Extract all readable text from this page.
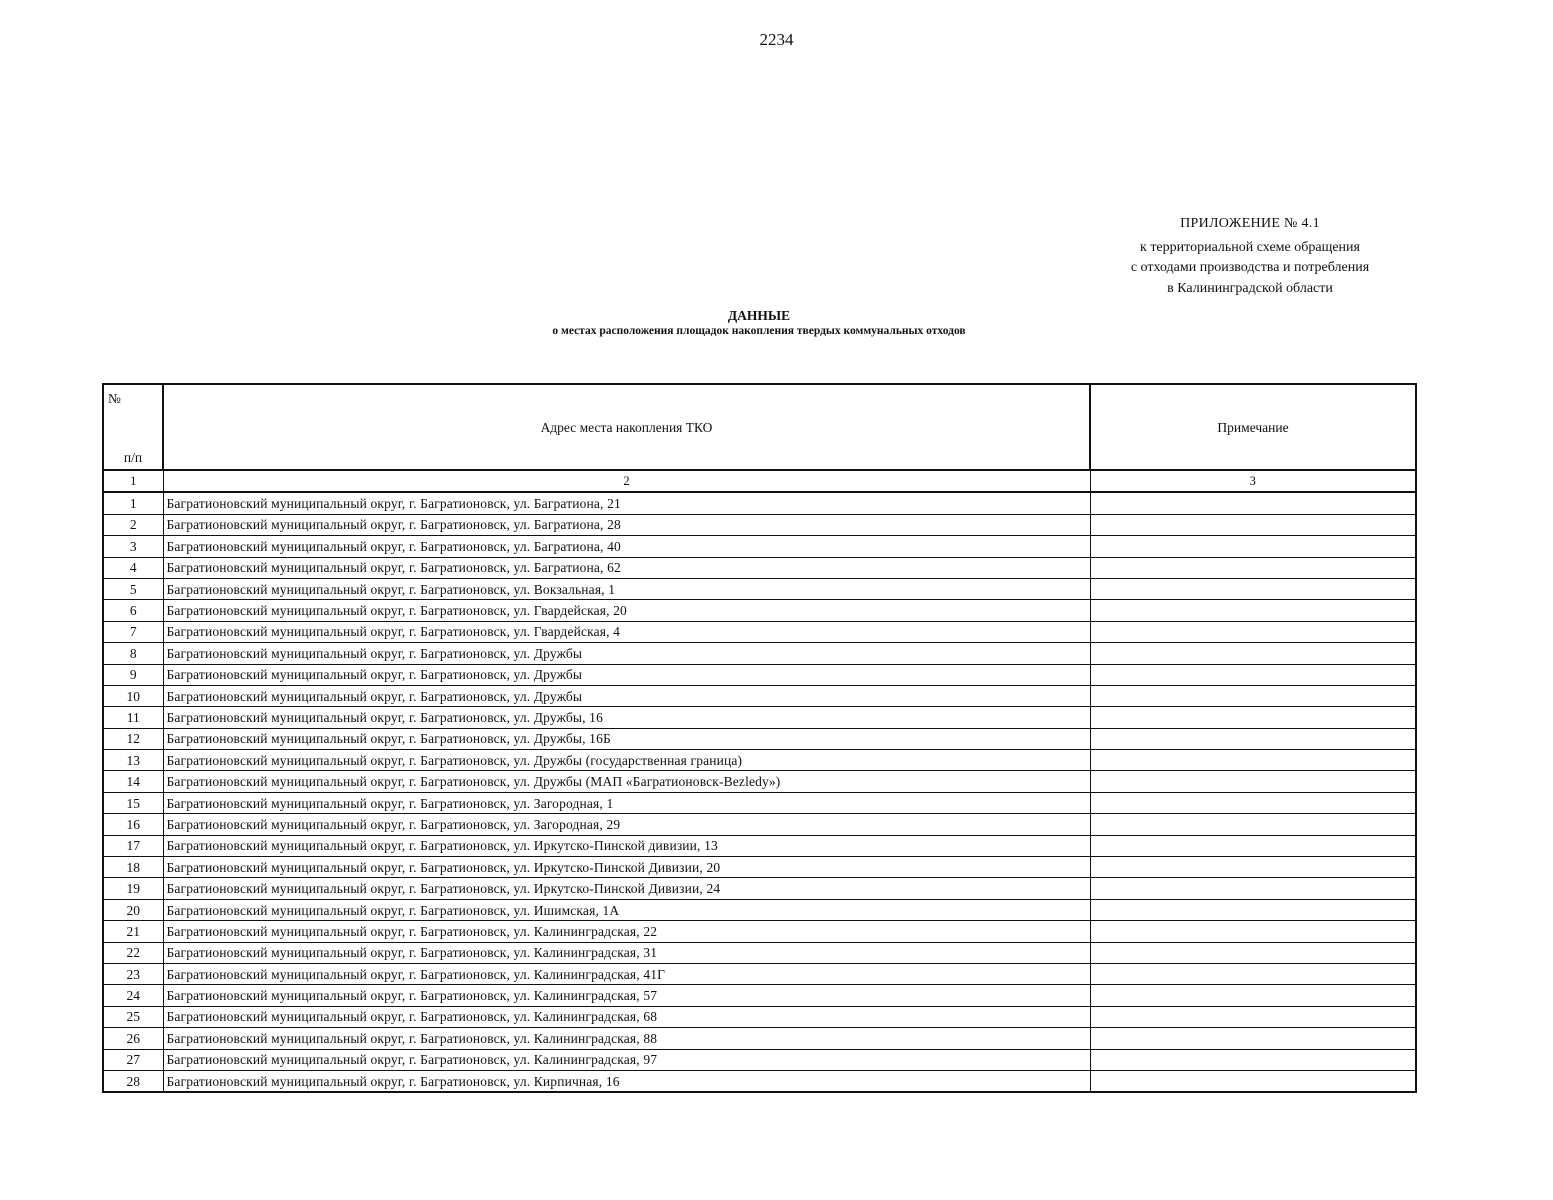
2234
ПРИЛОЖЕНИЕ № 4.1
к территориальной схеме обращения
с отходами производства и потребления
в Калининградской области
ДАННЫЕ
о местах расположения площадок накопления твердых коммунальных отходов
№
п/п	Адрес места накопления ТКО	Примечание
1	2	3
1	Багратионовский муниципальный округ, г. Багратионовск, ул. Багратиона, 21	
2	Багратионовский муниципальный округ, г. Багратионовск, ул. Багратиона, 28	
3	Багратионовский муниципальный округ, г. Багратионовск, ул. Багратиона, 40	
4	Багратионовский муниципальный округ, г. Багратионовск, ул. Багратиона, 62	
5	Багратионовский муниципальный округ, г. Багратионовск, ул. Вокзальная, 1	
6	Багратионовский муниципальный округ, г. Багратионовск, ул. Гвардейская, 20	
7	Багратионовский муниципальный округ, г. Багратионовск, ул. Гвардейская, 4	
8	Багратионовский муниципальный округ, г. Багратионовск, ул. Дружбы	
9	Багратионовский муниципальный округ, г. Багратионовск, ул. Дружбы	
10	Багратионовский муниципальный округ, г. Багратионовск, ул. Дружбы	
11	Багратионовский муниципальный округ, г. Багратионовск, ул. Дружбы, 16	
12	Багратионовский муниципальный округ, г. Багратионовск, ул. Дружбы, 16Б	
13	Багратионовский муниципальный округ, г. Багратионовск, ул. Дружбы (государственная граница)	
14	Багратионовский муниципальный округ, г. Багратионовск, ул. Дружбы (МАП «Багратионовск-Bezledy»)	
15	Багратионовский муниципальный округ, г. Багратионовск, ул. Загородная, 1	
16	Багратионовский муниципальный округ, г. Багратионовск, ул. Загородная, 29	
17	Багратионовский муниципальный округ, г. Багратионовск, ул. Иркутско-Пинской дивизии, 13	
18	Багратионовский муниципальный округ, г. Багратионовск, ул. Иркутско-Пинской Дивизии, 20	
19	Багратионовский муниципальный округ, г. Багратионовск, ул. Иркутско-Пинской Дивизии, 24	
20	Багратионовский муниципальный округ, г. Багратионовск, ул. Ишимская, 1А	
21	Багратионовский муниципальный округ, г. Багратионовск, ул. Калининградская, 22	
22	Багратионовский муниципальный округ, г. Багратионовск, ул. Калининградская, 31	
23	Багратионовский муниципальный округ, г. Багратионовск, ул. Калининградская, 41Г	
24	Багратионовский муниципальный округ, г. Багратионовск, ул. Калининградская, 57	
25	Багратионовский муниципальный округ, г. Багратионовск, ул. Калининградская, 68	
26	Багратионовский муниципальный округ, г. Багратионовск, ул. Калининградская, 88	
27	Багратионовский муниципальный округ, г. Багратионовск, ул. Калининградская, 97	
28	Багратионовский муниципальный округ, г. Багратионовск, ул. Кирпичная, 16	
